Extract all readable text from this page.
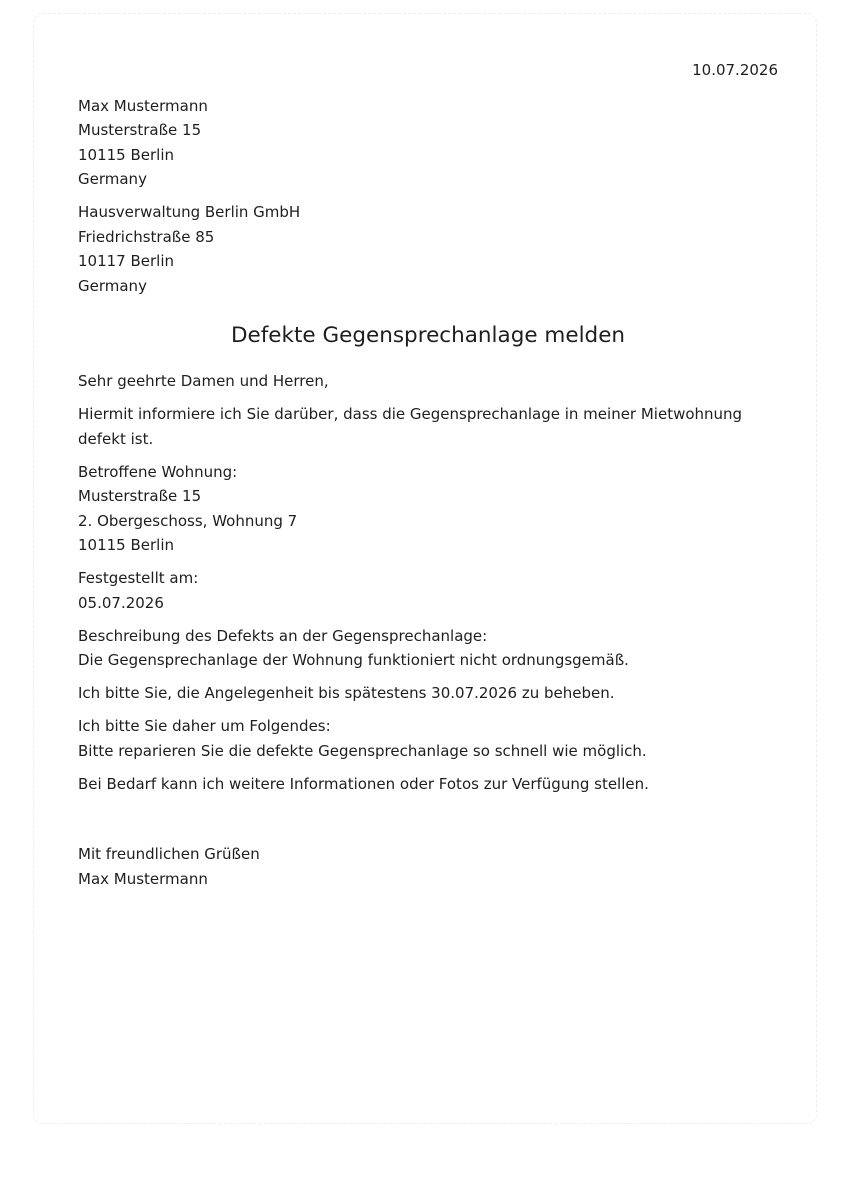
10.07.2026
Max Mustermann
Musterstraße 15
10115 Berlin
Germany
Hausverwaltung Berlin GmbH
Friedrichstraße 85
10117 Berlin
Germany
Defekte Gegensprechanlage melden

Sehr geehrte Damen und Herren,

Hiermit informiere ich Sie darüber, dass die Gegensprechanlage in meiner Mietwohnung defekt ist.

Betroffene Wohnung:
Musterstraße 15
2. Obergeschoss, Wohnung 7
10115 Berlin
Festgestellt am:
05.07.2026
Beschreibung des Defekts an der Gegensprechanlage:
Die Gegensprechanlage der Wohnung funktioniert nicht ordnungsgemäß.

Ich bitte Sie, die Angelegenheit bis spätestens 30.07.2026 zu beheben.

Ich bitte Sie daher um Folgendes:
Bitte reparieren Sie die defekte Gegensprechanlage so schnell wie möglich.

Bei Bedarf kann ich weitere Informationen oder Fotos zur Verfügung stellen.

Mit freundlichen Grüßen
Max Mustermann
